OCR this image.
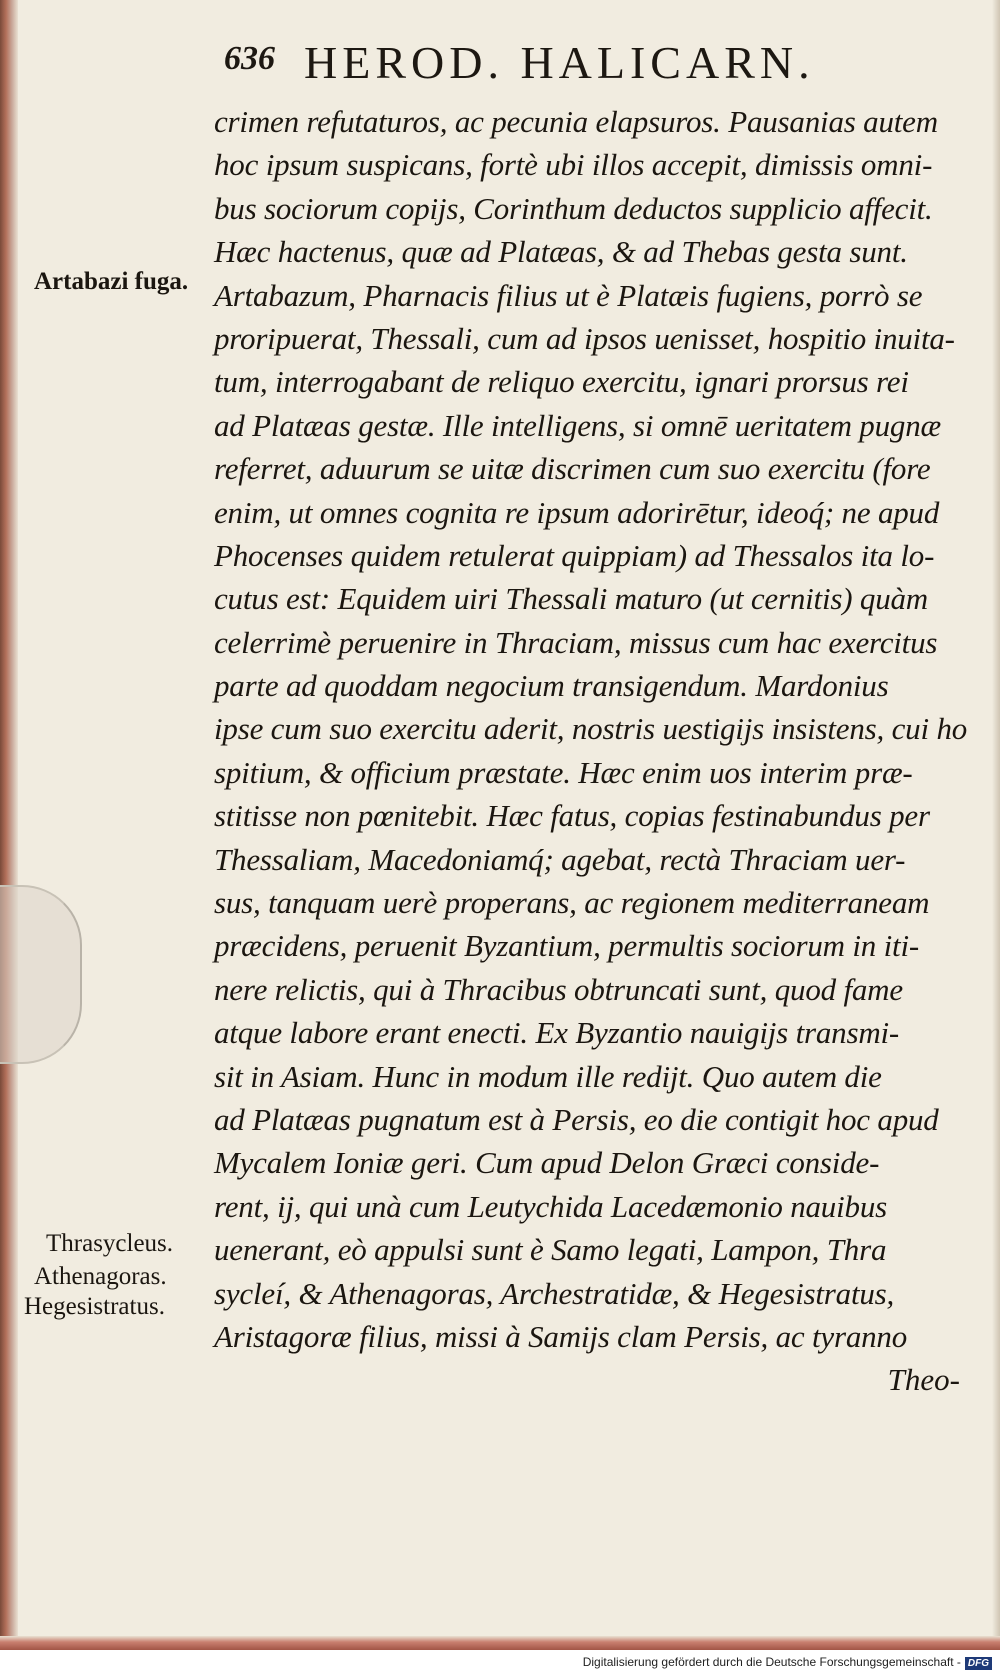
636 HEROD. HALICARN.
Artabazi fuga.
Thrasycleus.
Athenagoras.
Hegesistratus.
crimen refutaturos, ac pecunia elapsuros. Pausanias autem
hoc ipsum suspicans, fortè ubi illos accepit, dimissis omni-
bus sociorum copijs, Corinthum deductos supplicio affecit.
Hæc hactenus, quæ ad Platæas, & ad Thebas gesta sunt.
Artabazum, Pharnacis filius ut è Platæis fugiens, porrò se
proripuerat, Thessali, cum ad ipsos uenisset, hospitio inuita-
tum, interrogabant de reliquo exercitu, ignari prorsus rei
ad Platæas gestæ. Ille intelligens, si omnē ueritatem pugnæ
referret, aduurum se uitæ discrimen cum suo exercitu (fore
enim, ut omnes cognita re ipsum adorirētur, ideoq́; ne apud
Phocenses quidem retulerat quippiam) ad Thessalos ita lo-
cutus est: Equidem uiri Thessali maturo (ut cernitis) quàm
celerrimè peruenire in Thraciam, missus cum hac exercitus
parte ad quoddam negocium transigendum. Mardonius
ipse cum suo exercitu aderit, nostris uestigijs insistens, cui ho
spitium, & officium præstate. Hæc enim uos interim præ-
stitisse non pœnitebit. Hæc fatus, copias festinabundus per
Thessaliam, Macedoniamq́; agebat, rectà Thraciam uer-
sus, tanquam uerè properans, ac regionem mediterraneam
præcidens, peruenit Byzantium, permultis sociorum in iti-
nere relictis, qui à Thracibus obtruncati sunt, quod fame
atque labore erant enecti. Ex Byzantio nauigijs transmi-
sit in Asiam. Hunc in modum ille redijt. Quo autem die
ad Platæas pugnatum est à Persis, eo die contigit hoc apud
Mycalem Ioniæ geri. Cum apud Delon Græci conside-
rent, ij, qui unà cum Leutychida Lacedæmonio nauibus
uenerant, eò appulsi sunt è Samo legati, Lampon, Thra
sycleí, & Athenagoras, Archestratidæ, & Hegesistratus,
Aristagoræ filius, missi à Samijs clam Persis, ac tyranno
Theo-
Digitalisierung gefördert durch die Deutsche Forschungsgemeinschaft - DFG
